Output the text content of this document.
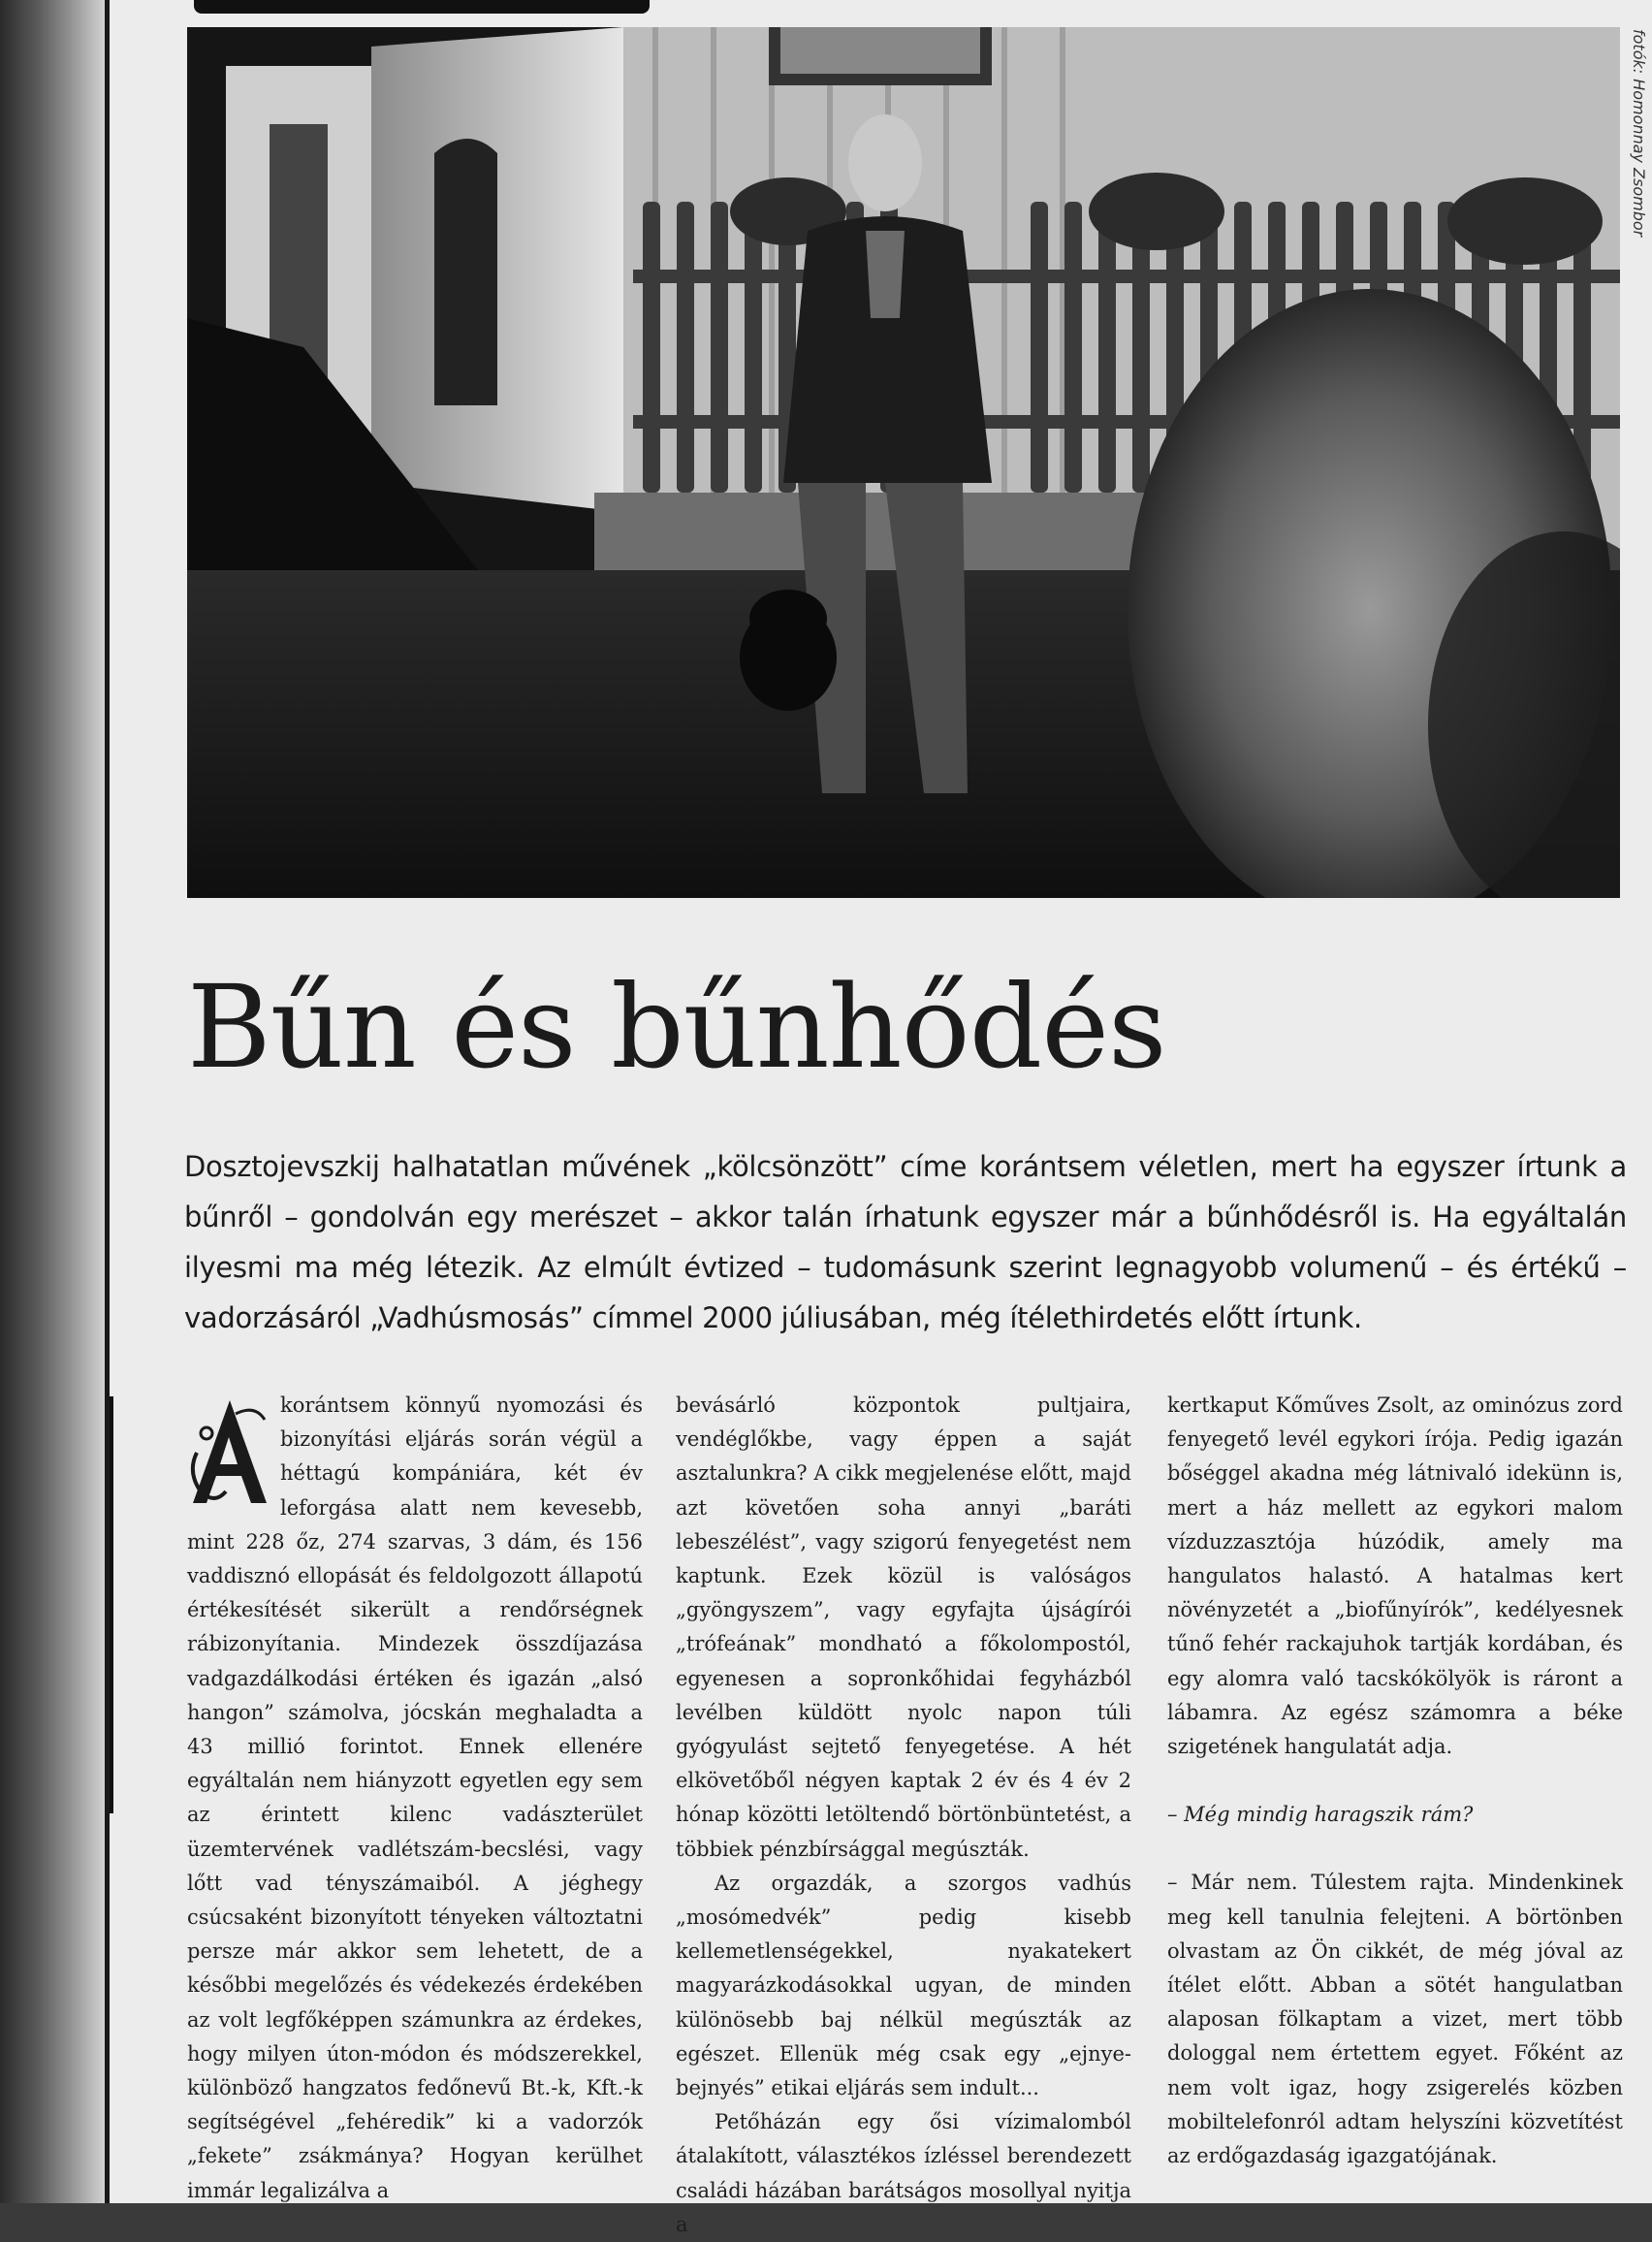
fotók: Homonnay Zsombor
Bűn és bűnhődés

Dosztojevszkij halhatatlan művének „kölcsönzött” címe korántsem véletlen, mert ha egyszer írtunk a bűnről – gondolván egy merészet – akkor talán írhatunk egyszer már a bűnhődésről is. Ha egyáltalán ilyesmi ma még létezik. Az elmúlt évtized – tudomásunk szerint legnagyobb volumenű – és értékű – vadorzásáról „Vadhúsmosás” címmel 2000 júliusában, még ítélethirdetés előtt írtunk.

korántsem könnyű nyomozási és bizonyítási eljárás során végül a héttagú kompániára, két év leforgása alatt nem kevesebb, mint 228 őz, 274 szarvas, 3 dám, és 156 vaddisznó ellopását és feldolgozott állapotú értékesítését sikerült a rendőrségnek rábizonyítania. Mindezek összdíjazása vadgazdálkodási értéken és igazán „alsó hangon” számolva, jócskán meghaladta a 43 millió forintot. Ennek ellenére egyáltalán nem hiányzott egyetlen egy sem az érintett kilenc vadászterület üzemtervének vadlétszám-becslési, vagy lőtt vad tényszámaiból. A jéghegy csúcsaként bizonyított tényeken változtatni persze már akkor sem lehetett, de a későbbi megelőzés és védekezés érdekében az volt legfőképpen számunkra az érdekes, hogy milyen úton-módon és módszerekkel, különböző hangzatos fedőnevű Bt.-k, Kft.-k segítségével „fehéredik” ki a vadorzók „fekete” zsákmánya? Hogyan kerülhet immár legalizálva a

bevásárló központok pultjaira, vendéglőkbe, vagy éppen a saját asztalunkra? A cikk megjelenése előtt, majd azt követően soha annyi „baráti lebeszélést”, vagy szigorú fenyegetést nem kaptunk. Ezek közül is valóságos „gyöngyszem”, vagy egyfajta újságírói „trófeának” mondható a főkolompostól, egyenesen a sopronkőhidai fegyházból levélben küldött nyolc napon túli gyógyulást sejtető fenyegetése. A hét elkövetőből négyen kaptak 2 év és 4 év 2 hónap közötti letöltendő börtönbüntetést, a többiek pénzbírsággal megúszták.

Az orgazdák, a szorgos vadhús „mosómedvék” pedig kisebb kellemetlenségekkel, nyakatekert magyarázkodásokkal ugyan, de minden különösebb baj nélkül megúszták az egészet. Ellenük még csak egy „ejnye-bejnyés” etikai eljárás sem indult...

Petőházán egy ősi vízimalomból átalakított, választékos ízléssel berendezett családi házában barátságos mosollyal nyitja a

kertkaput Kőműves Zsolt, az ominózus zord fenyegető levél egykori írója. Pedig igazán bőséggel akadna még látnivaló idekünn is, mert a ház mellett az egykori malom vízduzzasztója húzódik, amely ma hangulatos halastó. A hatalmas kert növényzetét a „biofűnyírók”, kedélyesnek tűnő fehér rackajuhok tartják kordában, és egy alomra való tacskókölyök is ráront a lábamra. Az egész számomra a béke szigetének hangulatát adja.

– Még mindig haragszik rám?

– Már nem. Túlestem rajta. Mindenkinek meg kell tanulnia felejteni. A börtönben olvastam az Ön cikkét, de még jóval az ítélet előtt. Abban a sötét hangulatban alaposan fölkaptam a vizet, mert több dologgal nem értettem egyet. Főként az nem volt igaz, hogy zsigerelés közben mobiltelefonról adtam helyszíni közvetítést az erdőgazdaság igazgatójának.
